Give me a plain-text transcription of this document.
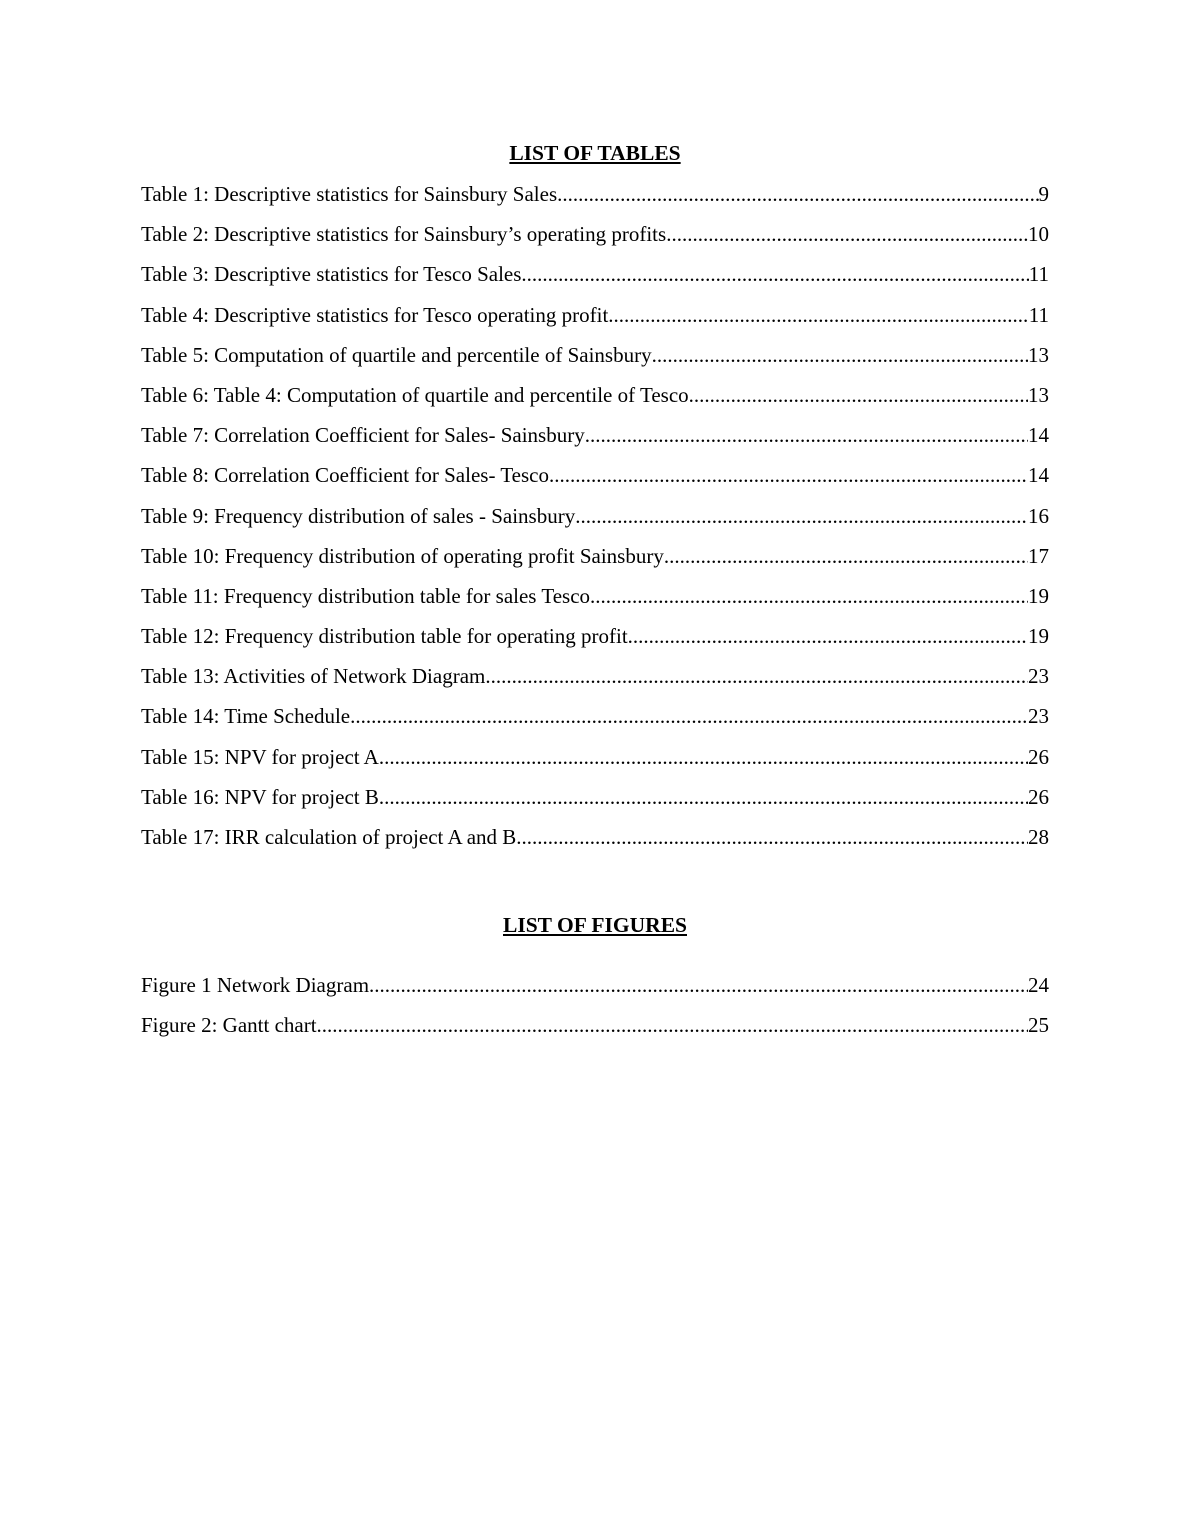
LIST OF TABLES
Table 1: Descriptive statistics for Sainsbury Sales .....	9
Table 2: Descriptive statistics for Sainsbury’s operating profits .....	10
Table 3: Descriptive statistics for Tesco Sales .....	11
Table 4: Descriptive statistics for Tesco operating profit .....	11
Table 5: Computation of quartile and percentile of Sainsbury .....	13
Table 6: Table 4: Computation of quartile and percentile of Tesco .....	13
Table 7: Correlation Coefficient for Sales- Sainsbury .....	14
Table 8: Correlation Coefficient for Sales- Tesco .....	14
Table 9: Frequency distribution of sales - Sainsbury .....	16
Table 10: Frequency distribution of operating profit Sainsbury .....	17
Table 11: Frequency distribution table for sales Tesco .....	19
Table 12: Frequency distribution table for operating profit .....	19
Table 13: Activities of Network Diagram .....	23
Table 14: Time Schedule .....	23
Table 15: NPV for project A .....	26
Table 16: NPV for project B .....	26
Table 17: IRR calculation of project A and B .....	28
LIST OF FIGURES
Figure 1 Network Diagram .....	24
Figure 2: Gantt chart .....	25
